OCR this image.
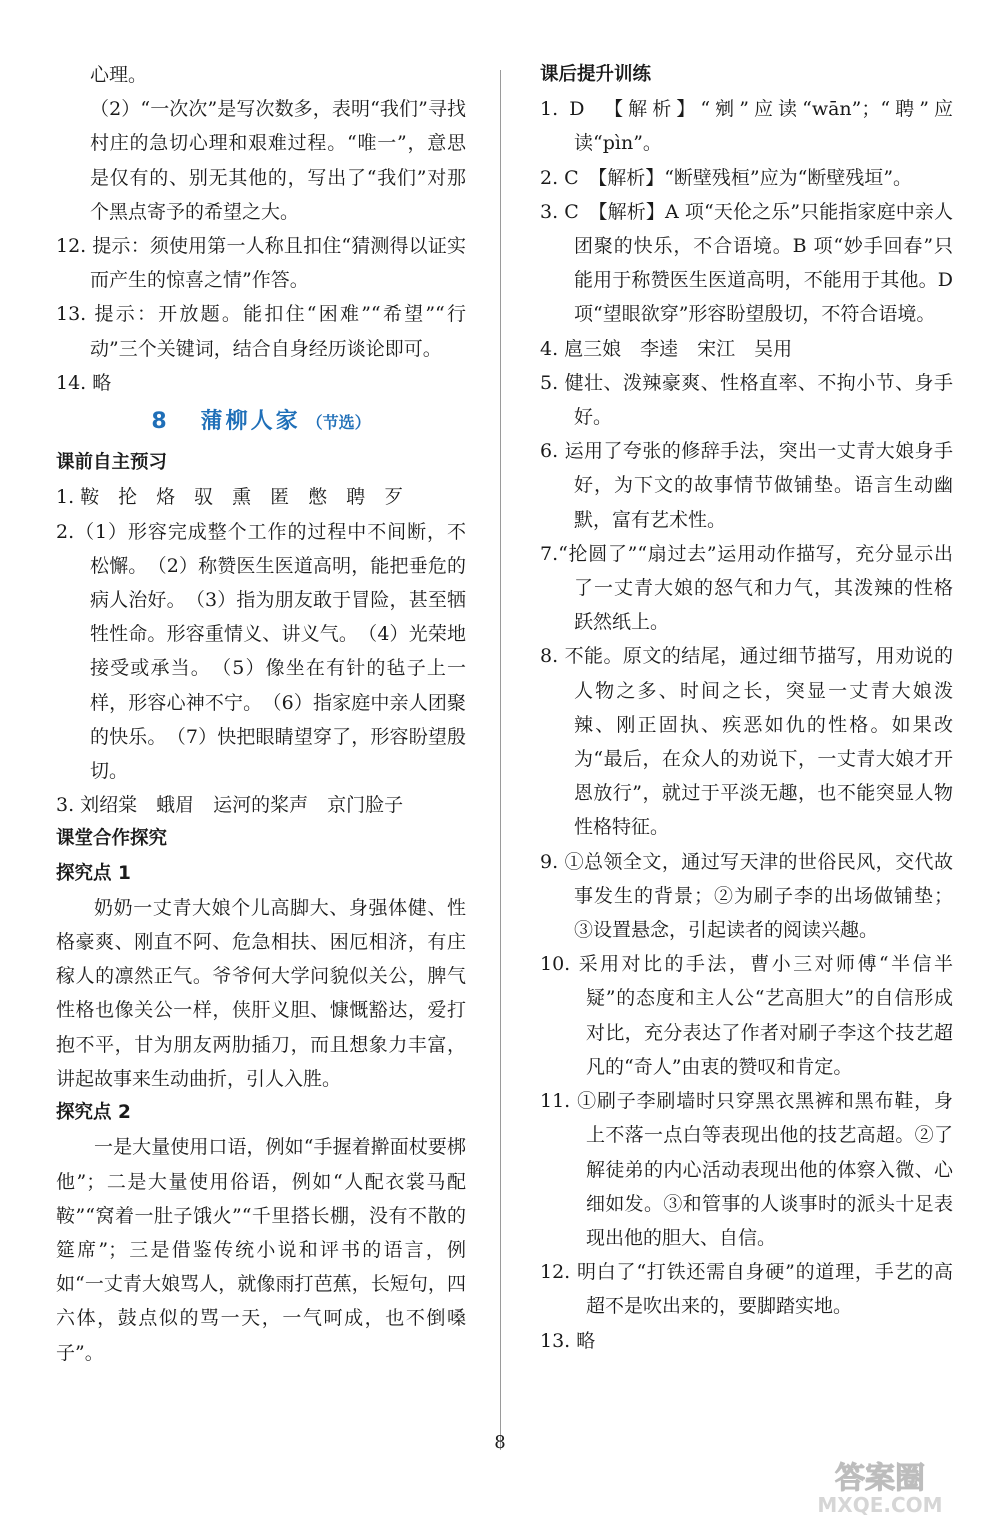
心理。

（2）“一次次”是写次数多，表明“我们”寻找村庄的急切心理和艰难过程。“唯一”，意思是仅有的、别无其他的，写出了“我们”对那个黑点寄予的希望之大。

12. 提示：须使用第一人称且扣住“猜测得以证实而产生的惊喜之情”作答。

13. 提示：开放题。能扣住“困难”“希望”“行动”三个关键词，结合自身经历谈论即可。

14. 略

8 蒲柳人家 （节选）

课前自主预习

1. 鞍　抡　烙　驭　熏　匿　憋　聘　歹

2.（1）形容完成整个工作的过程中不间断，不松懈。　（2）称赞医生医道高明，能把垂危的病人治好。　（3）指为朋友敢于冒险，甚至牺牲性命。形容重情义、讲义气。　（4）光荣地接受或承当。　（5）像坐在有针的毡子上一样，形容心神不宁。　（6）指家庭中亲人团聚的快乐。　（7）快把眼睛望穿了，形容盼望殷切。

3. 刘绍棠　蛾眉　运河的桨声　京门脸子

课堂合作探究

探究点 1

奶奶一丈青大娘个儿高脚大、身强体健、性格豪爽、刚直不阿、危急相扶、困厄相济，有庄稼人的凛然正气。爷爷何大学问貌似关公，脾气性格也像关公一样，侠肝义胆、慷慨豁达，爱打抱不平，甘为朋友两肋插刀，而且想象力丰富，讲起故事来生动曲折，引人入胜。

探究点 2

一是大量使用口语，例如“手握着擀面杖要梆他”；二是大量使用俗语，例如“人配衣裳马配鞍”“窝着一肚子饿火”“千里搭长棚，没有不散的筵席”；三是借鉴传统小说和评书的语言，例如“一丈青大娘骂人，就像雨打芭蕉，长短句，四六体，鼓点似的骂一天，一气呵成，也不倒嗓子”。

课后提升训练

1. D　【解析】“剜”应读“wān”；“聘”应读“pìn”。

2. C　【解析】“断壁残桓”应为“断壁残垣”。

3. C　【解析】A 项“天伦之乐”只能指家庭中亲人团聚的快乐，不合语境。B 项“妙手回春”只能用于称赞医生医道高明，不能用于其他。D 项“望眼欲穿”形容盼望殷切，不符合语境。

4. 扈三娘　李逵　宋江　吴用

5. 健壮、泼辣豪爽、性格直率、不拘小节、身手好。

6. 运用了夸张的修辞手法，突出一丈青大娘身手好，为下文的故事情节做铺垫。语言生动幽默，富有艺术性。

7.“抡圆了”“扇过去”运用动作描写，充分显示出了一丈青大娘的怒气和力气，其泼辣的性格跃然纸上。

8. 不能。原文的结尾，通过细节描写，用劝说的人物之多、时间之长，突显一丈青大娘泼辣、刚正固执、疾恶如仇的性格。如果改为“最后，在众人的劝说下，一丈青大娘才开恩放行”，就过于平淡无趣，也不能突显人物性格特征。

9. ①总领全文，通过写天津的世俗民风，交代故事发生的背景；②为刷子李的出场做铺垫；③设置悬念，引起读者的阅读兴趣。

10. 采用对比的手法，曹小三对师傅“半信半疑”的态度和主人公“艺高胆大”的自信形成对比，充分表达了作者对刷子李这个技艺超凡的“奇人”由衷的赞叹和肯定。

11. ①刷子李刷墙时只穿黑衣黑裤和黑布鞋，身上不落一点白等表现出他的技艺高超。②了解徒弟的内心活动表现出他的体察入微、心细如发。③和管事的人谈事时的派头十足表现出他的胆大、自信。

12. 明白了“打铁还需自身硬”的道理，手艺的高超不是吹出来的，要脚踏实地。

13. 略

8
答案圈
MXQE.COM
